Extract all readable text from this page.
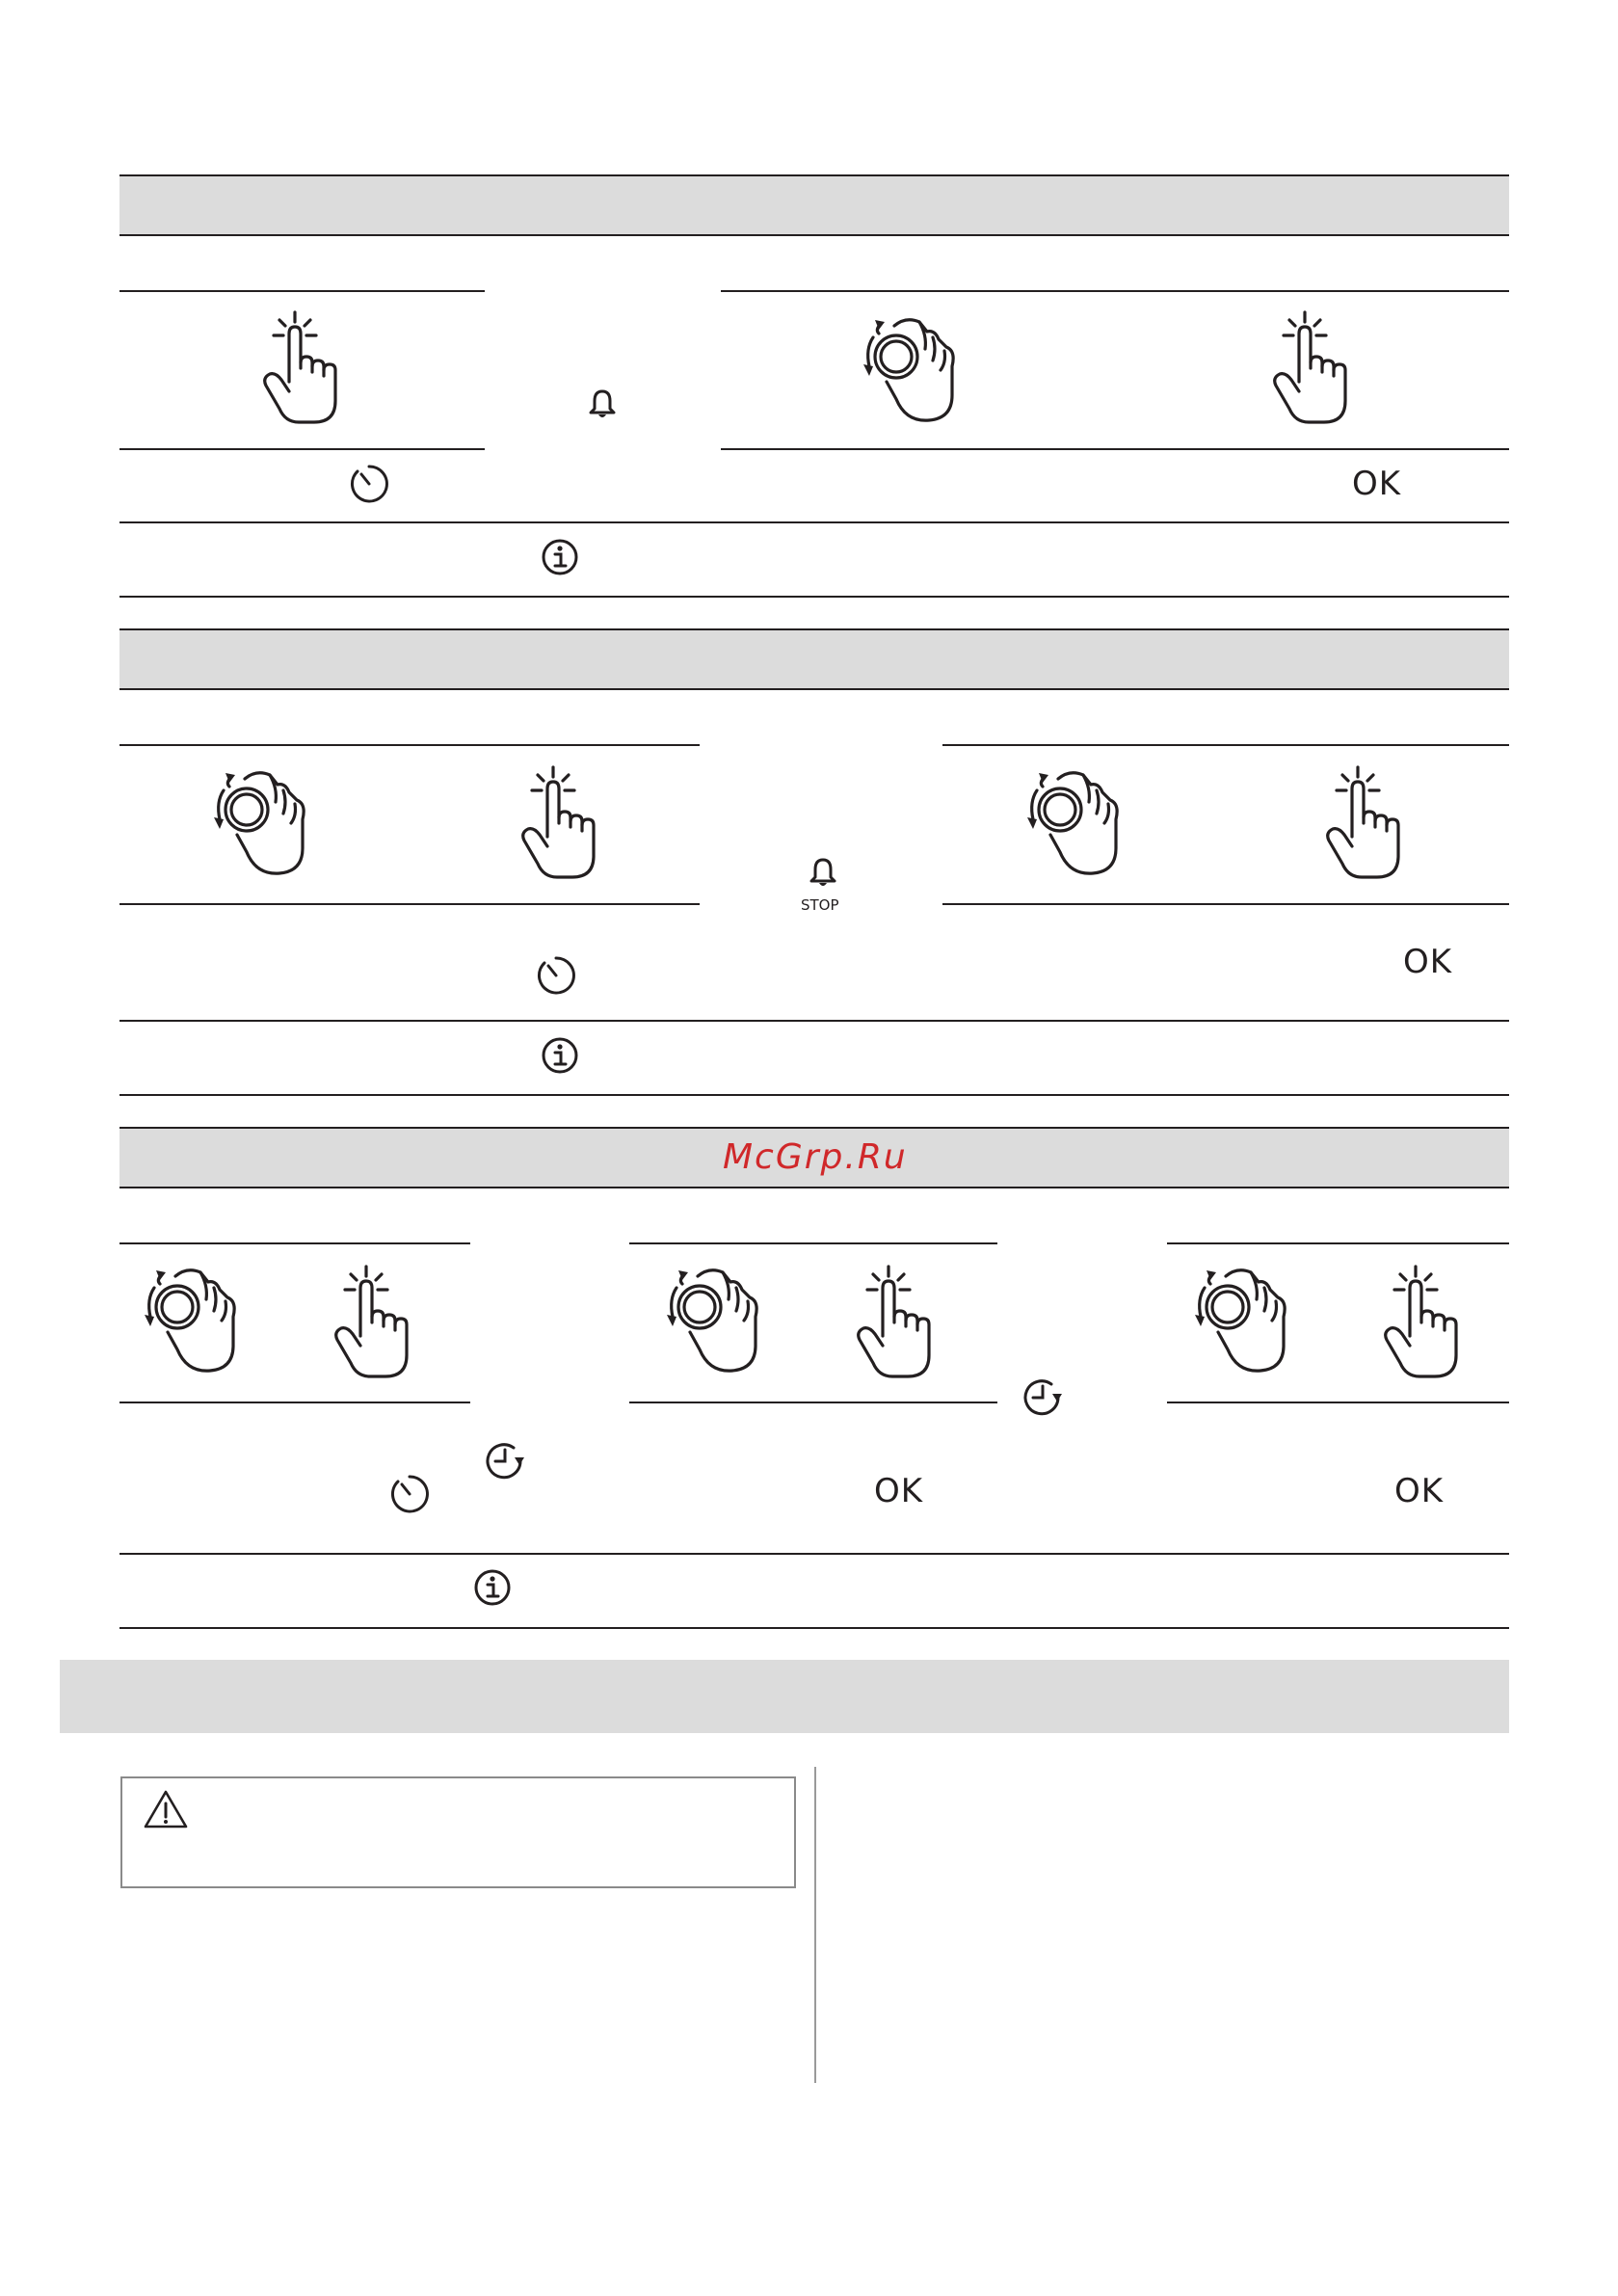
OK
STOP
OK
McGrp.Ru
OK	OK
